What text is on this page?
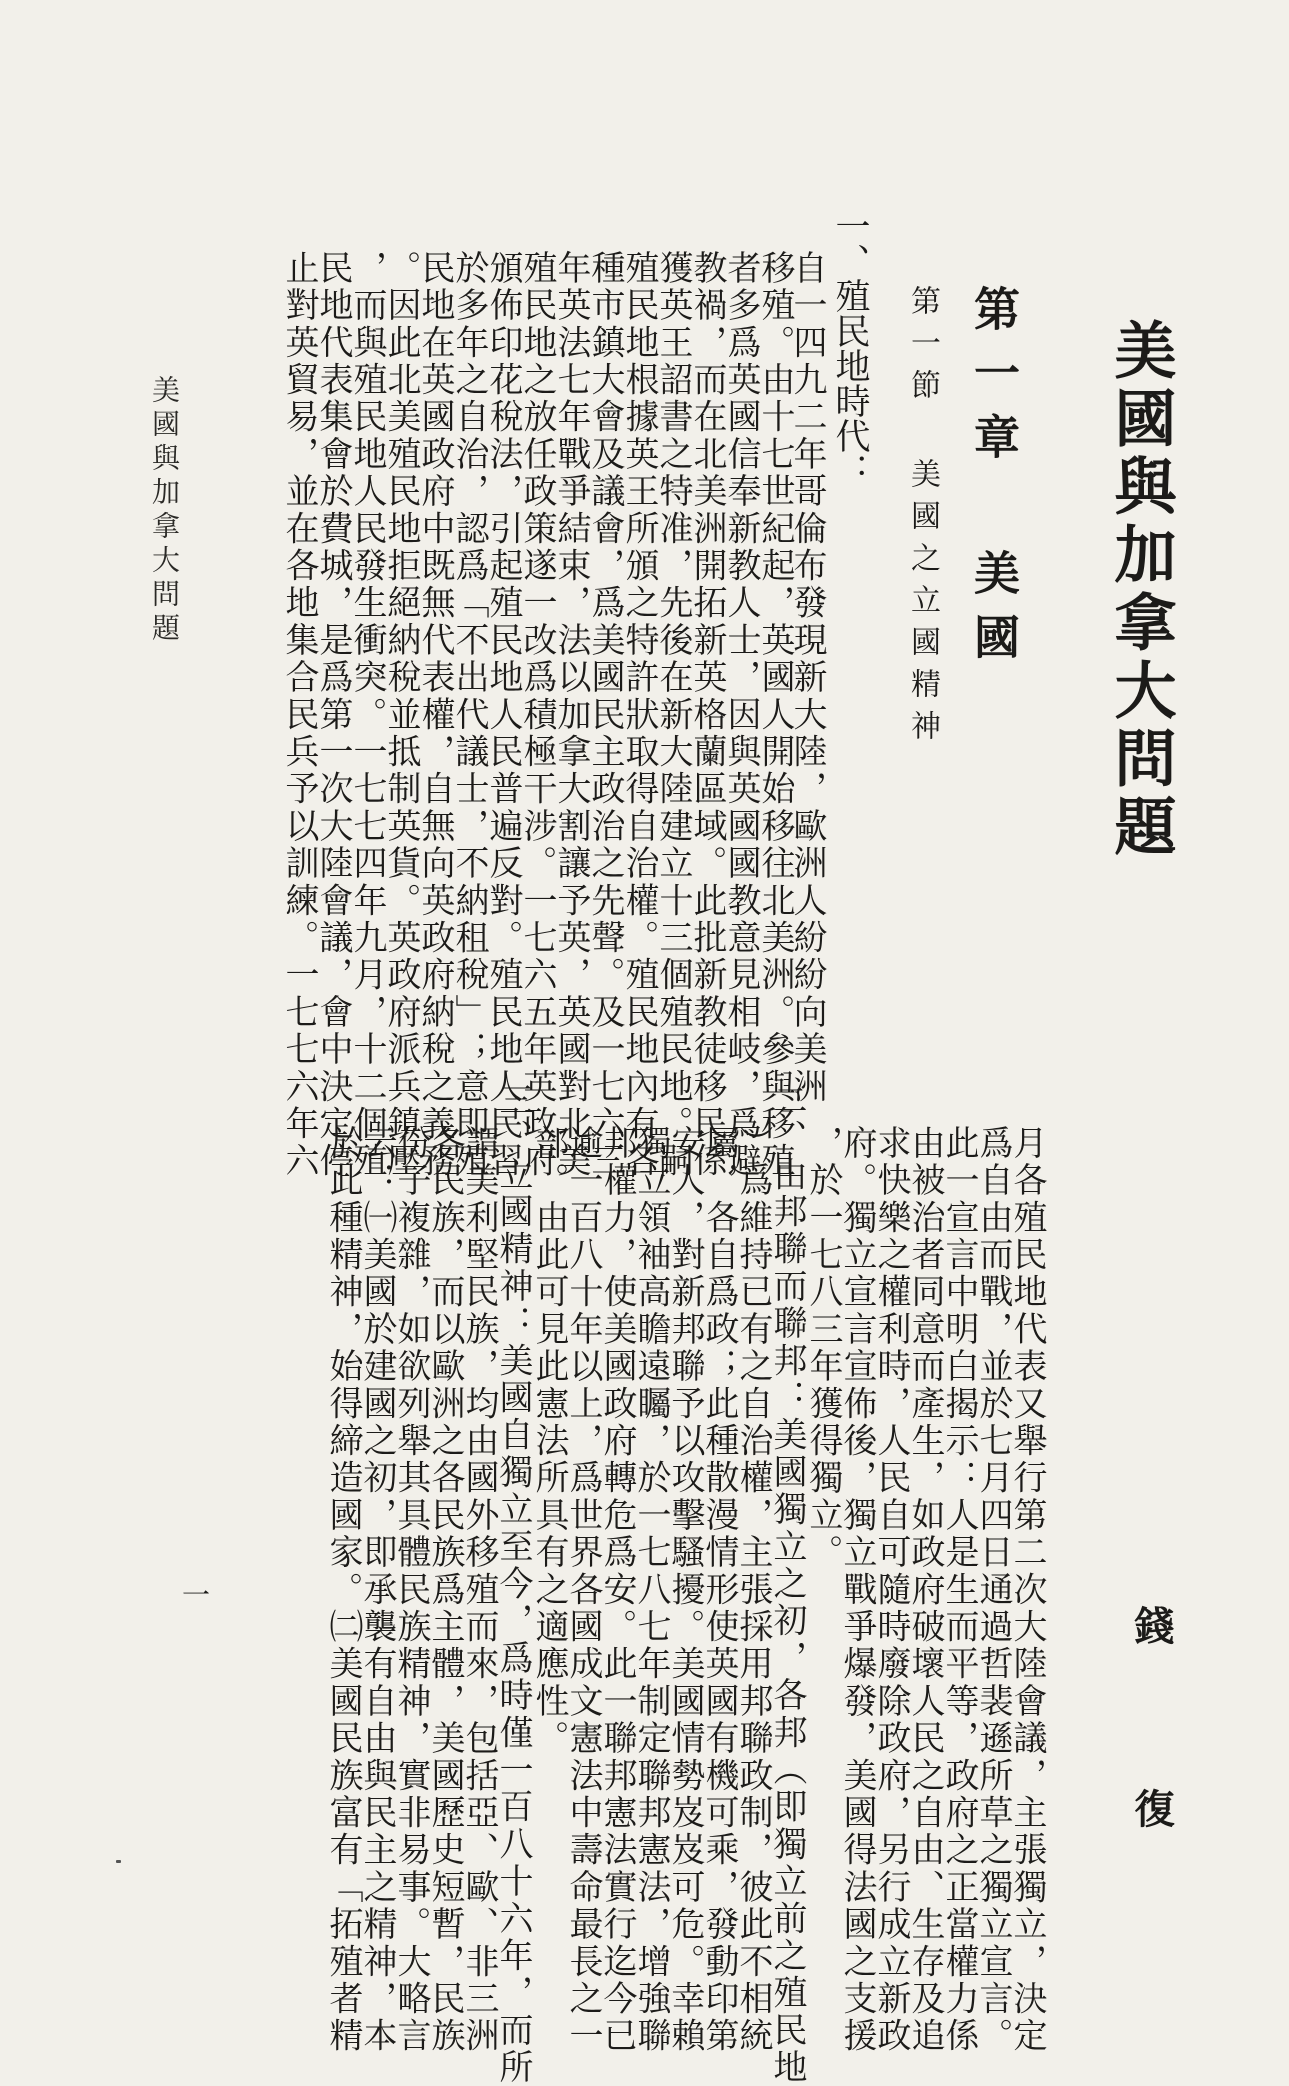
美國與加拿大問題
錢 復
第一章 美國
第一節 美國之立國精神
一、殖民地時代：
自一四九二年哥倫布發現新大陸，歐洲人紛紛向美洲
移殖。由十七世紀起，英國人開始移往北美洲。參與移殖
者多爲英國信奉新教人士，因與英國國教意見相岐，爲避
教禍，而在北美洲開拓新英格蘭區域。此批新教徒移民係
獲英王詔書之特准，先後在新大陸建立十三個殖民地。嗣
殖民地根據英王所頒之特許狀取得自治權。殖民地內有各
種市鎮大會及議會，爲美國民主政治之先聲。及一七六三
年英法七年戰爭結束，法以加拿大割讓予英，英國對北美
殖民地之放任政策遂一改爲積極干涉。一七六五年英政府
頒佈印花稅法，引起殖民地人民普遍反對。殖民地人民習
於多年之自治，認爲「不出代議士，不納租稅」；意即殖
民地在英國政府中既無代表權，自無向英政府納稅之義務
。因此北美殖民地拒絕納稅並抵制英貨。英政府派兵鎮壓
，而與殖民地人民發生衝突。一七七四年九月，十二個殖
民地代表集會於費城，是爲第一次大陸會議，會中決定停
止對英貿易，並在各地集合民兵予以訓練。一七七六年六
月各殖民地代表又舉行第二次大陸會議，主張獨立，決定
爲自由而戰，並於七月四日通過哲裴遜所草之獨立宣言。
此一宣言中明白揭示：人是生而平等，政府之正當權力係
由被治者同意而產生，如政府破壞人民之自由、生存及追
求快樂之權利時，人民自可隨時廢除政府，另行成立新政
府。獨立宣言宣佈後，獨立戰爭爆發，美國得法國之支援
，於一七八三年獲得獨立。
二、由邦聯而聯邦：美國獨立之初，各邦（即獨立前之殖民地
）爲維持已有之自治權，主張採用邦聯政制，彼此不相統
屬，各自爲政；此種散漫情形使英國有機可乘，發動印第
安人，對新邦聯予以攻擊騷擾。美國情勢岌岌可危。幸賴
獨立領袖高瞻遠矚，於一七八七年制定聯邦憲法，增強聯
邦權力，使美國政府轉危爲安。此一聯邦憲法實行迄今已
逾一百八十年以上，爲世界各國成文憲法中壽命最長之一
部。由此可見此憲法所具有之適應性。
三、立國精神：美國自獨立至今，爲時僅一百八十六年，而所
謂美利堅民族，均由國外移殖而來，包括亞、歐、非三洲
各民族，而以歐洲之各民族爲主體，美國歷史短暫，民族
份子複雜，如欲列舉其具體民族精神，實非易事。大略言
云：㈠美國於建國之初，即承襲有自由與民主之精神，本
於此種精神，始得締造國家。㈡美國民族富有「拓殖者精
美國與加拿大問題
一
